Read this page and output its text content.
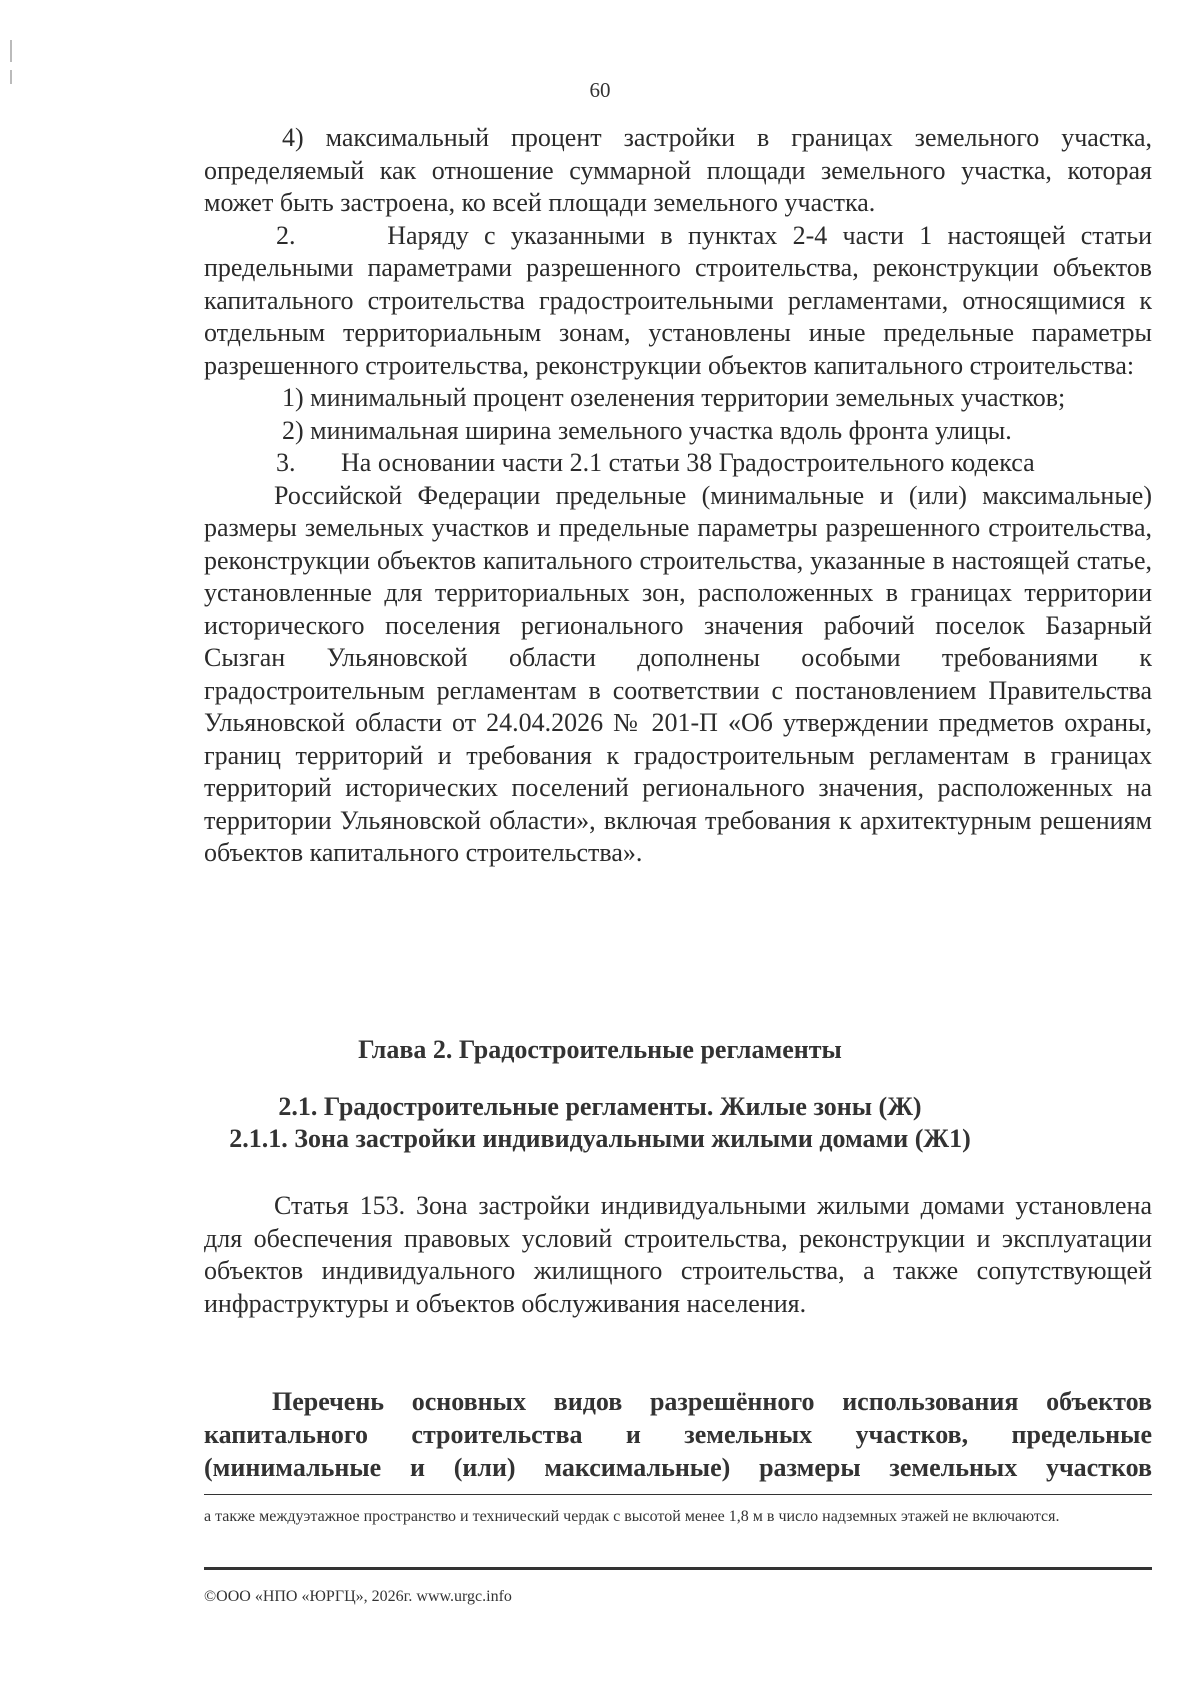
60

4) максимальный процент застройки в границах земельного участка, определяемый как отношение суммарной площади земельного участка, которая может быть застроена, ко всей площади земельного участка.

2.      Наряду с указанными в пунктах 2-4 части 1 настоящей статьи предельными параметрами разрешенного строительства, реконструкции объектов капитального строительства градостроительными регламентами, относящимися к отдельным территориальным зонам, установлены иные предельные параметры разрешенного строительства, реконструкции объектов капитального строительства:

1) минимальный процент озеленения территории земельных участков;

2) минимальная ширина земельного участка вдоль фронта улицы.

3.       На основании части 2.1 статьи 38 Градостроительного кодекса

Российской Федерации предельные (минимальные и (или) максимальные) размеры земельных участков и предельные параметры разрешенного строительства, реконструкции объектов капитального строительства, указанные в настоящей статье, установленные для территориальных зон, расположенных в границах территории исторического поселения регионального значения рабочий поселок Базарный Сызган Ульяновской области дополнены особыми требованиями к градостроительным регламентам в соответствии с постановлением Правительства Ульяновской области от 24.04.2026 № 201-П «Об утверждении предметов охраны, границ территорий и требования к градостроительным регламентам в границах территорий исторических поселений регионального значения, расположенных на территории Ульяновской области», включая требования к архитектурным решениям объектов капитального строительства».

Глава 2. Градостроительные регламенты
2.1. Градостроительные регламенты. Жилые зоны (Ж)
2.1.1. Зона застройки индивидуальными жилыми домами (Ж1)

Статья 153. Зона застройки индивидуальными жилыми домами установлена для обеспечения правовых условий строительства, реконструкции и эксплуатации объектов индивидуального жилищного строительства, а также сопутствующей инфраструктуры и объектов обслуживания населения.

Перечень основных видов разрешённого использования объектов
капитального строительства и земельных участков, предельные
(минимальные и (или) максимальные) размеры земельных участков
а также междуэтажное пространство и технический чердак с высотой менее 1,8 м в число надземных этажей не включаются.
©ООО «НПО «ЮРГЦ», 2026г. www.urgc.info
